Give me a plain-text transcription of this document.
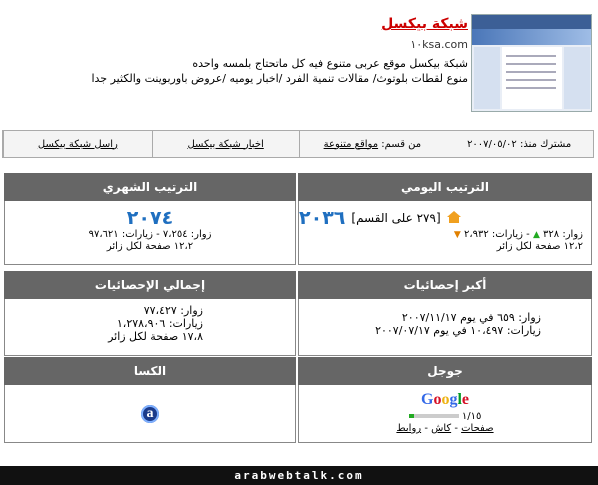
شبكة بيكسل
١٠ksa.com
شبكة بيكسل موقع عربى متنوع فيه كل ماتحتاج بلمسه واحده
منوع لقطات بلوتوث/ مقالات تنمية الفرد /اخبار يوميه /عروض باوربوينت والكثير جدا
مشترك منذ: ٢٠٠٧/٠٥/٠٢
من قسم:

مواقع متنوعة
اخبار شبكة بيكسل
راسل شبكة بيكسل
الترتيب اليومي
[٢٧٩ على القسم]
٢٠٣٦
زوار: ٣٢٨ ▲ - زيارات: ٢،٩٣٢ ▼
١٢،٢ صفحة لكل زائر
الترتيب الشهري
٢٠٧٤
زوار: ٧،٢٥٤ - زيارات: ٩٧،٦٢١
١٢،٢ صفحة لكل زائر
أكبر إحصائيات
زوار: ٦٥٩ في يوم ٢٠٠٧/١١/١٧
زيارات: ١٠،٤٩٧ في يوم ٢٠٠٧/٠٧/١٧
إجمالي الإحصائيات
زوار: ٧٧،٤٢٧
زيارات: ١،٢٧٨،٩٠٦
١٧،٨ صفحة لكل زائر
جوجل
Google
١/١٥
صفحات - كاش - روابط
الكسا
a
arabwebtalk.com
